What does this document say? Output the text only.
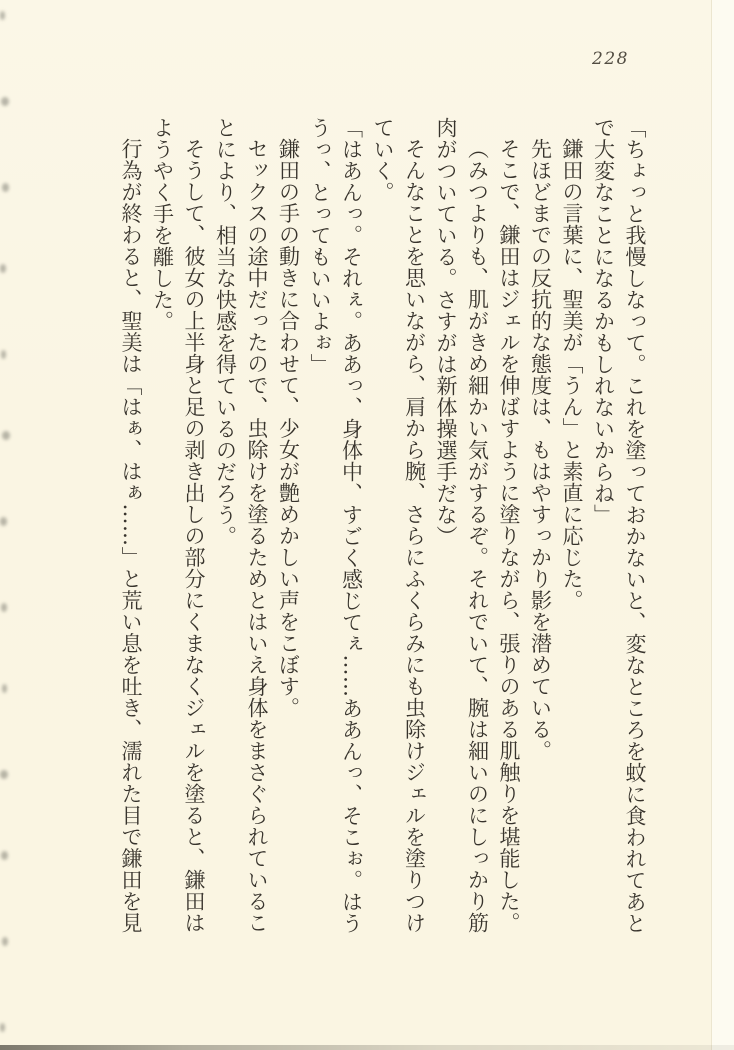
228

「ちょっと我慢しなって。これを塗っておかないと、変なところを蚊に食われてあとで大変なことになるかもしれないからね」

鎌田の言葉に、聖美が「うん」と素直に応じた。

先ほどまでの反抗的な態度は、もはやすっかり影を潜めている。

そこで、鎌田はジェルを伸ばすように塗りながら、張りのある肌触りを堪能した。

（みつよりも、肌がきめ細かい気がするぞ。それでいて、腕は細いのにしっかり筋肉がついている。さすがは新体操選手だな）

そんなことを思いながら、肩から腕、さらにふくらみにも虫除けジェルを塗りつけていく。

「はあんっ。それぇ。ああっ、身体中、すごく感じてぇ……ああんっ、そこぉ。はううっ、とってもいいよぉ」

鎌田の手の動きに合わせて、少女が艶めかしい声をこぼす。

セックスの途中だったので、虫除けを塗るためとはいえ身体をまさぐられていることにより、相当な快感を得ているのだろう。

そうして、彼女の上半身と足の剥き出しの部分にくまなくジェルを塗ると、鎌田はようやく手を離した。

行為が終わると、聖美は「はぁ、はぁ……」と荒い息を吐き、濡れた目で鎌田を見
